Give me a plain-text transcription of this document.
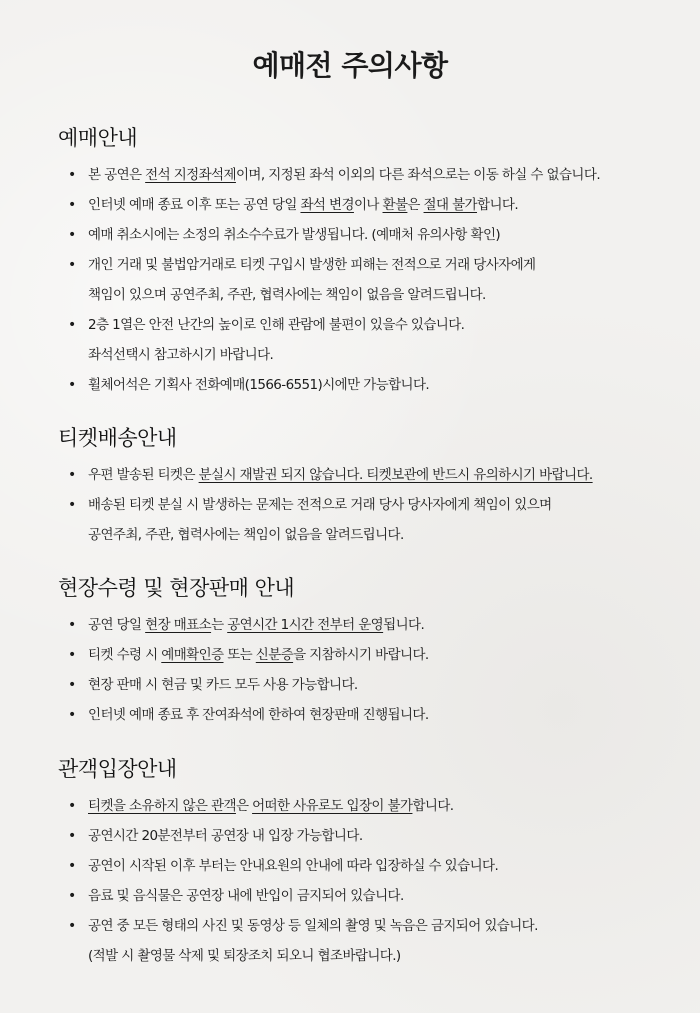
예매전 주의사항
예매안내
• 본 공연은 전석 지정좌석제이며, 지정된 좌석 이외의 다른 좌석으로는 이동 하실 수 없습니다.
• 인터넷 예매 종료 이후 또는 공연 당일 좌석 변경이나 환불은 절대 불가합니다.
• 예매 취소시에는 소정의 취소수수료가 발생됩니다. (예매처 유의사항 확인)
• 개인 거래 및 불법암거래로 티켓 구입시 발생한 피해는 전적으로 거래 당사자에게
책임이 있으며 공연주최, 주관, 협력사에는 책임이 없음을 알려드립니다.
• 2층 1열은 안전 난간의 높이로 인해 관람에 불편이 있을수 있습니다.
좌석선택시 참고하시기 바랍니다.
• 휠체어석은 기획사 전화예매(1566-6551)시에만 가능합니다.
티켓배송안내
• 우편 발송된 티켓은 분실시 재발권 되지 않습니다. 티켓보관에 반드시 유의하시기 바랍니다.
• 배송된 티켓 분실 시 발생하는 문제는 전적으로 거래 당사 당사자에게 책임이 있으며
공연주최, 주관, 협력사에는 책임이 없음을 알려드립니다.
현장수령 및 현장판매 안내
• 공연 당일 현장 매표소는 공연시간 1시간 전부터 운영됩니다.
• 티켓 수령 시 예매확인증 또는 신분증을 지참하시기 바랍니다.
• 현장 판매 시 현금 및 카드 모두 사용 가능합니다.
• 인터넷 예매 종료 후 잔여좌석에 한하여 현장판매 진행됩니다.
관객입장안내
• 티켓을 소유하지 않은 관객은 어떠한 사유로도 입장이 불가합니다.
• 공연시간 20분전부터 공연장 내 입장 가능합니다.
• 공연이 시작된 이후 부터는 안내요원의 안내에 따라 입장하실 수 있습니다.
• 음료 및 음식물은 공연장 내에 반입이 금지되어 있습니다.
• 공연 중 모든 형태의 사진 및 동영상 등 일체의 촬영 및 녹음은 금지되어 있습니다.
(적발 시 촬영물 삭제 및 퇴장조치 되오니 협조바랍니다.)
